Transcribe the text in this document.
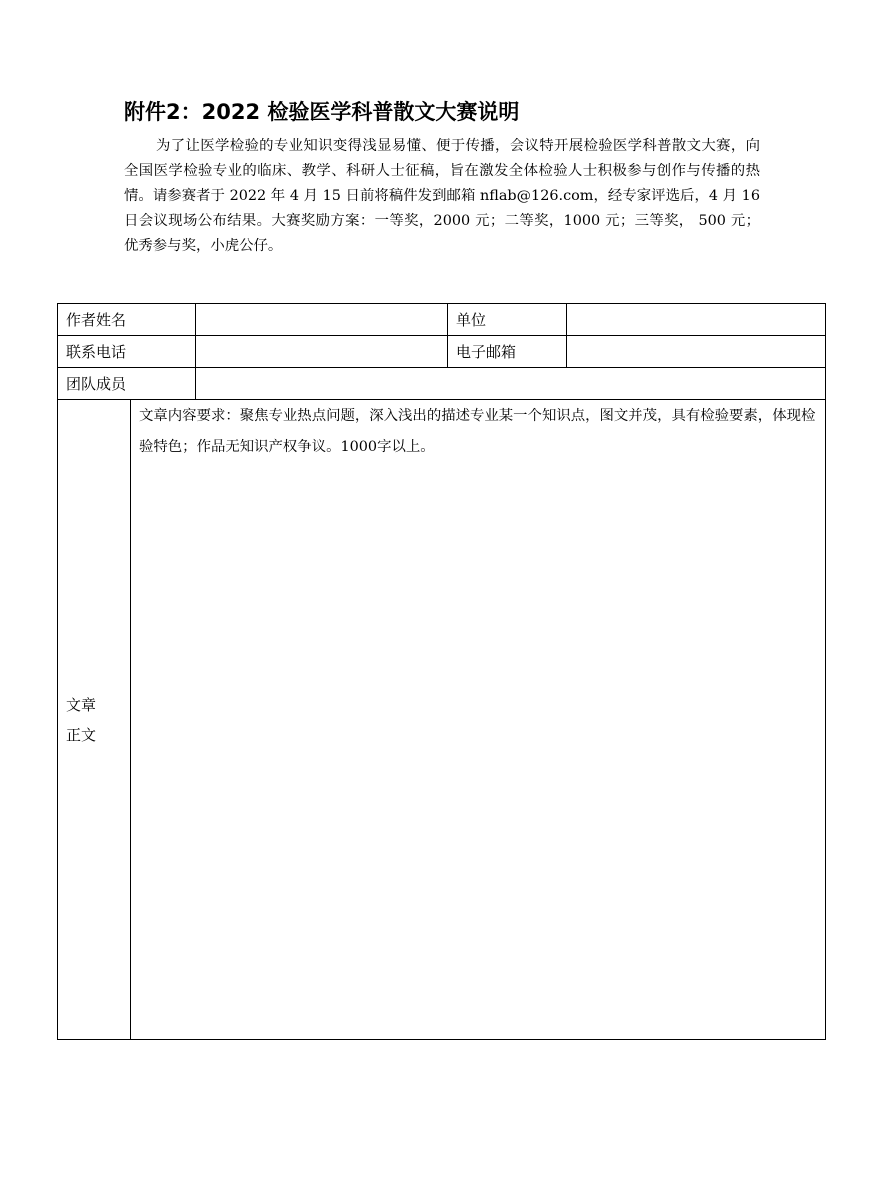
附件2：2022 检验医学科普散文大赛说明

为了让医学检验的专业知识变得浅显易懂、便于传播，会议特开展检验医学科普散文大赛，向全国医学检验专业的临床、教学、科研人士征稿，旨在激发全体检验人士积极参与创作与传播的热情。请参赛者于 2022 年 4 月 15 日前将稿件发到邮箱 nflab@126.com，经专家评选后，4 月 16 日会议现场公布结果。大赛奖励方案：一等奖，2000 元；二等奖，1000 元；三等奖， 500 元；优秀参与奖，小虎公仔。

作者姓名			单位	
联系电话			电子邮箱	
团队成员				

文章
正文	文章内容要求：聚焦专业热点问题，深入浅出的描述专业某一个知识点，图文并茂，具有检验要素，体现检验特色；作品无知识产权争议。1000字以上。			
